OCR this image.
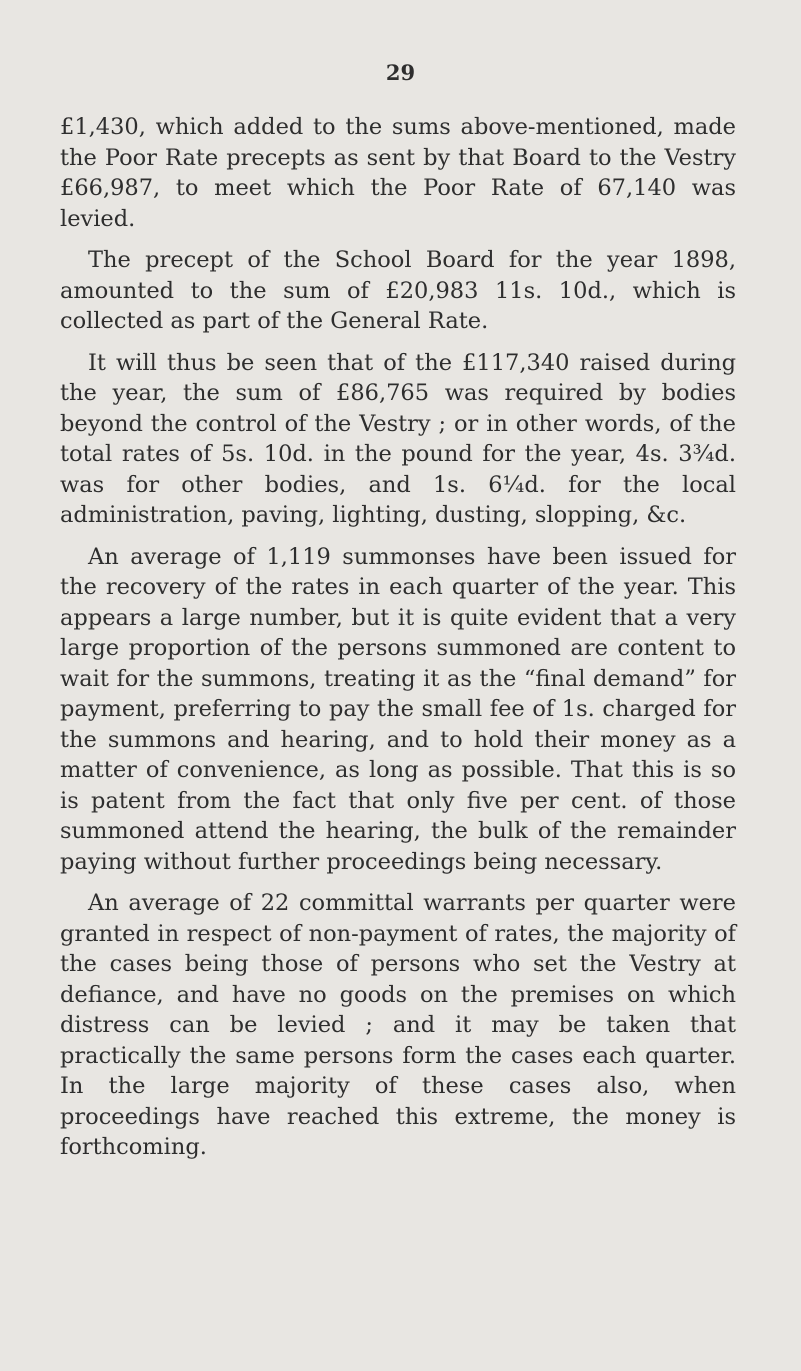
29

£1,430, which added to the sums above-mentioned, made the Poor Rate precepts as sent by that Board to the Vestry £66,987, to meet which the Poor Rate of 67,140 was levied.

The precept of the School Board for the year 1898, amounted to the sum of £20,983 11s. 10d., which is collected as part of the General Rate.

It will thus be seen that of the £117,340 raised during the year, the sum of £86,765 was required by bodies beyond the control of the Vestry ; or in other words, of the total rates of 5s. 10d. in the pound for the year, 4s. 3¾d. was for other bodies, and 1s. 6¼d. for the local administration, paving, lighting, dusting, slopping, &c.

An average of 1,119 summonses have been issued for the recovery of the rates in each quarter of the year. This appears a large number, but it is quite evident that a very large proportion of the persons summoned are content to wait for the summons, treating it as the “final demand” for payment, preferring to pay the small fee of 1s. charged for the summons and hearing, and to hold their money as a matter of convenience, as long as possible. That this is so is patent from the fact that only five per cent. of those summoned attend the hearing, the bulk of the remainder paying without further proceedings being necessary.

An average of 22 committal warrants per quarter were granted in respect of non-payment of rates, the majority of the cases being those of persons who set the Vestry at defiance, and have no goods on the premises on which distress can be levied ; and it may be taken that practically the same persons form the cases each quarter. In the large majority of these cases also, when proceedings have reached this extreme, the money is forthcoming.
